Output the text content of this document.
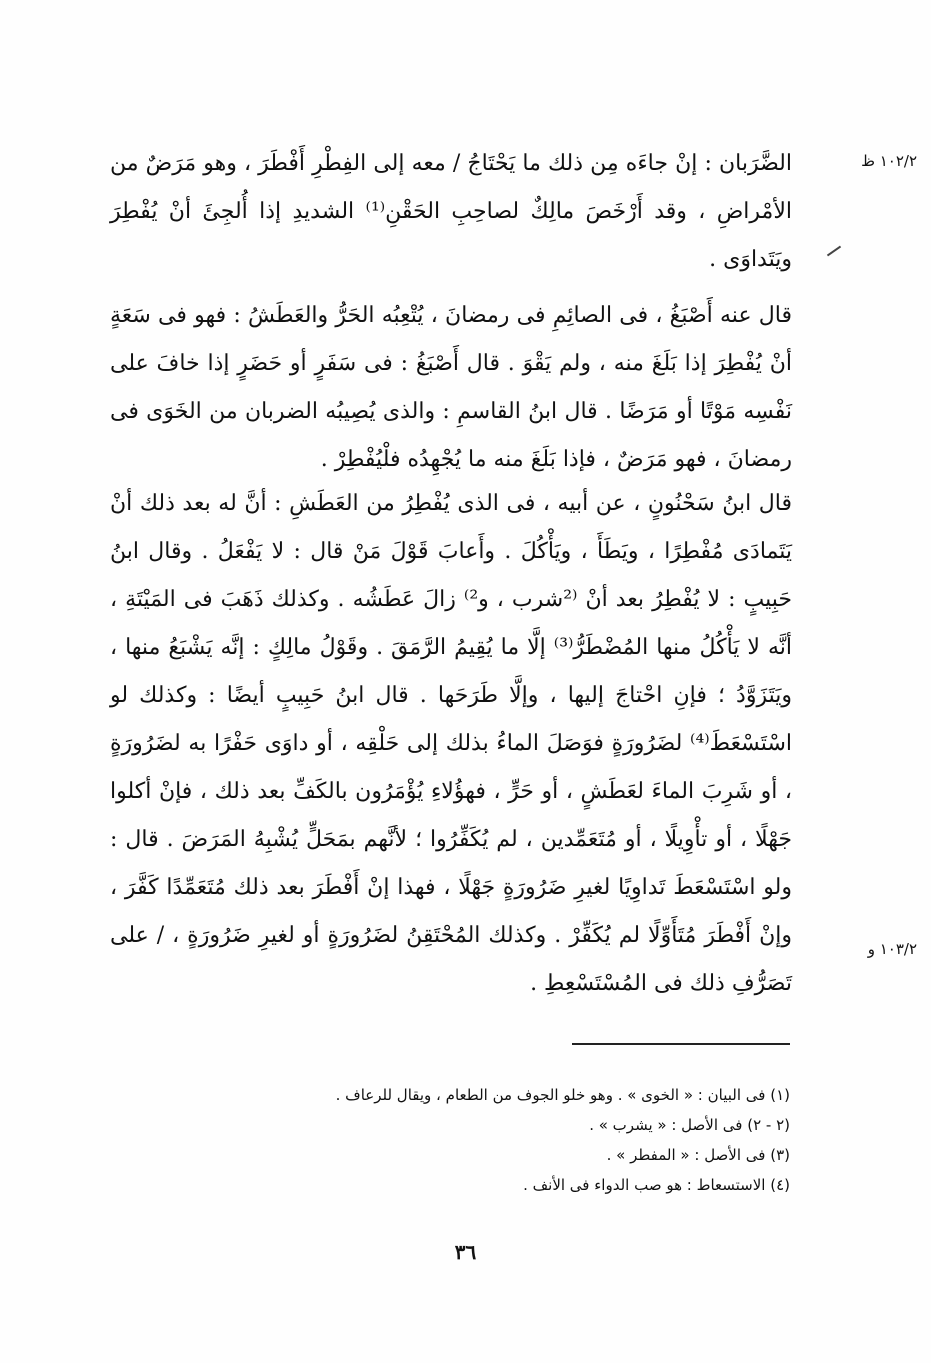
١٠٢/٢ ظ

الضَّرَبان : إنْ جاءَه مِن ذلك ما يَحْتَاجُ / معه إلى الفِطْرِ أَفْطَرَ ، وهو مَرَضٌ من الأمْراضِ ، وقد أَرْخَصَ مالِكٌ لصاحِبِ الحَقْنِ⁽¹⁾ الشديدِ إذا أُلجِئَ أنْ يُفْطِرَ ويَتَداوَى .

قال عنه أَصْبَغُ ، فى الصائِمِ فى رمضانَ ، يُتْعِبُه الحَرُّ والعَطَشُ : فهو فى سَعَةٍ أنْ يُفْطِرَ إذا بَلَغَ منه ، ولم يَقْوَ . قال أَصْبَغُ : فى سَفَرٍ أو حَضَرٍ إذا خافَ على نَفْسِه مَوْتًا أو مَرَضًا . قال ابنُ القاسمِ : والذى يُصِيبُه الضربان من الخَوَى فى رمضانَ ، فهو مَرَضٌ ، فإذا بَلَغَ منه ما يُجْهِدُه فلْيُفْطِرْ .

قال ابنُ سَحْنُونٍ ، عن أبيه ، فى الذى يُفْطِرُ من العَطَشِ : أنَّ له بعد ذلك أنْ يَتَمادَى مُفْطِرًا ، ويَطَأَ ، ويَأْكُلَ . وأَعابَ قَوْلَ مَنْ قال : لا يَفْعَلُ . وقال ابنُ حَبِيبٍ : لا يُفْطِرُ بعد أنْ ⁽²شرب ، و²⁾ زالَ عَطَشُه . وكذلك ذَهَبَ فى المَيْتَةِ ، أنَّه لا يَأْكُلُ منها المُضْطَرُّ⁽³⁾ إلَّا ما يُقِيمُ الرَّمَقَ . وقَوْلُ مالِكٍ : إنَّه يَشْبَعُ منها ، ويَتَزَوَّدُ ؛ فإنِ احْتاجَ إليها ، وإلَّا طَرَحَها . قال ابنُ حَبِيبٍ أيضًا : وكذلك لو اسْتَسْعَطَ⁽⁴⁾ لضَرُورَةٍ فوَصَلَ الماءُ بذلك إلى حَلْقِه ، أو داوَى حَفْرًا به لضَرُورَةٍ ، أو شَرِبَ الماءَ لعَطَشٍ ، أو حَرٍّ ، فهؤُلاءِ يُؤْمَرُون بالكَفِّ بعد ذلك ، فإنْ أكلوا جَهْلًا ، أو تأْوِيلًا ، أو مُتَعَمِّدين ، لم يُكَفِّرُوا ؛ لأنَّهم بمَحَلٍّ يُشْبِهُ المَرَضَ . قال : ولو اسْتَسْعَطَ تَداوِيًا لغيرِ ضَرُورَةٍ جَهْلًا ، فهذا إنْ أَفْطَرَ بعد ذلك مُتَعَمِّدًا كَفَّرَ ، وإنْ أَفْطَرَ مُتَأَوِّلًا لم يُكَفِّرْ . وكذلك المُحْتَقِنُ لضَرُورَةٍ أو لغيرِ ضَرُورَةٍ ، / على تَصَرُّفِ ذلك فى المُسْتَسْعِطِ .

١٠٣/٢ و

(١) فى البيان : « الخوى » . وهو خلو الجوف من الطعام ، ويقال للرعاف .

(٢ - ٢) فى الأصل : « يشرب » .

(٣) فى الأصل : « المفطر » .

(٤) الاستسعاط : هو صب الدواء فى الأنف .

٣٦
